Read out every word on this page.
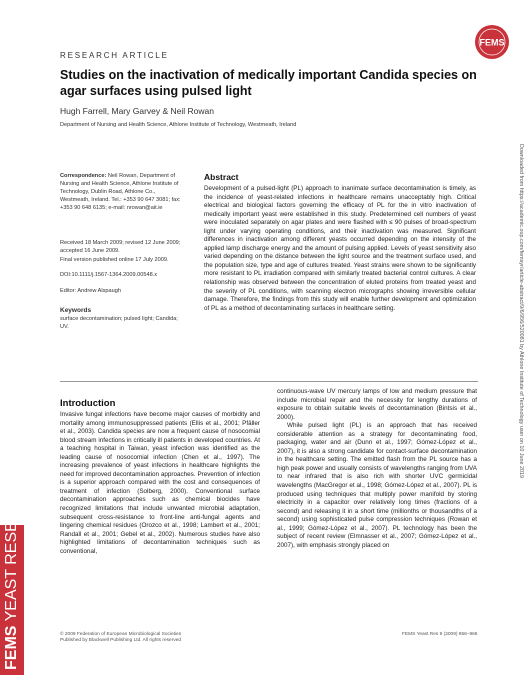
FEMS
RESEARCH ARTICLE
Studies on the inactivation of medically important Candida species on agar surfaces using pulsed light
Hugh Farrell, Mary Garvey & Neil Rowan
Department of Nursing and Health Science, Athlone Institute of Technology, Westmeath, Ireland
Downloaded from https://academic.oup.com/femsyr/article-abstract/9/6/956/520081 by Athlone Institute of Technology user on 10 June 2019
FEMS YEAST RESEARCH
Correspondence: Neil Rowan, Department of Nursing and Health Science, Athlone Institute of Technology, Dublin Road, Athlone Co., Westmeath, Ireland. Tel.: +353 90 647 3081; fax: +353 90 648 6135; e-mail: nrowan@ait.ie
Received 18 March 2009; revised 12 June 2009; accepted 16 June 2009.
Final version published online 17 July 2009.
DOI:10.1111/j.1567-1364.2009.00548.x
Editor: Andrew Alspaugh
Keywords
surface decontamination; pulsed light; Candida; UV.
Abstract
Development of a pulsed-light (PL) approach to inanimate surface decontamination is timely, as the incidence of yeast-related infections in healthcare remains unacceptably high. Critical electrical and biological factors governing the efficacy of PL for the in vitro inactivation of medically important yeast were established in this study. Predetermined cell numbers of yeast were inoculated separately on agar plates and were flashed with ≤ 90 pulses of broad-spectrum light under varying operating conditions, and their inactivation was measured. Significant differences in inactivation among different yeasts occurred depending on the intensity of the applied lamp discharge energy and the amount of pulsing applied. Levels of yeast sensitivity also varied depending on the distance between the light source and the treatment surface used, and the population size, type and age of cultures treated. Yeast strains were shown to be significantly more resistant to PL irradiation compared with similarly treated bacterial control cultures. A clear relationship was observed between the concentration of eluted proteins from treated yeast and the severity of PL conditions, with scanning electron micrographs showing irreversible cellular damage. Therefore, the findings from this study will enable further development and optimization of PL as a method of decontaminating surfaces in healthcare setting.
Introduction

Invasive fungal infections have become major causes of morbidity and mortality among immunosuppressed patients (Ellis et al., 2001; Pfäller et al., 2003). Candida species are now a frequent cause of nosocomial blood stream infections in critically ill patients in developed countries. At a teaching hospital in Taiwan, yeast infection was identified as the leading cause of nosocomial infection (Chen et al., 1997). The increasing prevalence of yeast infections in healthcare highlights the need for improved decontamination approaches. Prevention of infection is a superior approach compared with the cost and consequences of treatment of infection (Solberg, 2000). Conventional surface decontamination approaches such as chemical biocides have recognized limitations that include unwanted microbial adaptation, subsequent cross-resistance to front-line anti-fungal agents and lingering chemical residues (Orozco et al., 1998; Lambert et al., 2001; Randall et al., 2001; Gebel et al., 2002). Numerous studies have also highlighted limitations of decontamination techniques such as conventional,

continuous-wave UV mercury lamps of low and medium pressure that include microbial repair and the necessity for lengthy durations of exposure to obtain suitable levels of decontamination (Bintsis et al., 2000).

While pulsed light (PL) is an approach that has received considerable attention as a strategy for decontaminating food, packaging, water and air (Dunn et al., 1997; Gómez-López et al., 2007), it is also a strong candidate for contact-surface decontamination in the healthcare setting. The emitted flash from the PL source has a high peak power and usually consists of wavelengths ranging from UVA to near infrared that is also rich with shorter UVC germicidal wavelengths (MacGregor et al., 1998; Gómez-López et al., 2007). PL is produced using techniques that multiply power manifold by storing electricity in a capacitor over relatively long times (fractions of a second) and releasing it in a short time (millionths or thousandths of a second) using sophisticated pulse compression techniques (Rowan et al., 1999; Gómez-López et al., 2007). PL technology has been the subject of recent review (Elmnasser et al., 2007; Gómez-López et al., 2007), with emphasis strongly placed on

© 2009 Federation of European Microbiological Societies
Published by Blackwell Publishing Ltd. All rights reserved
FEMS Yeast Res 9 (2009) 956–966
